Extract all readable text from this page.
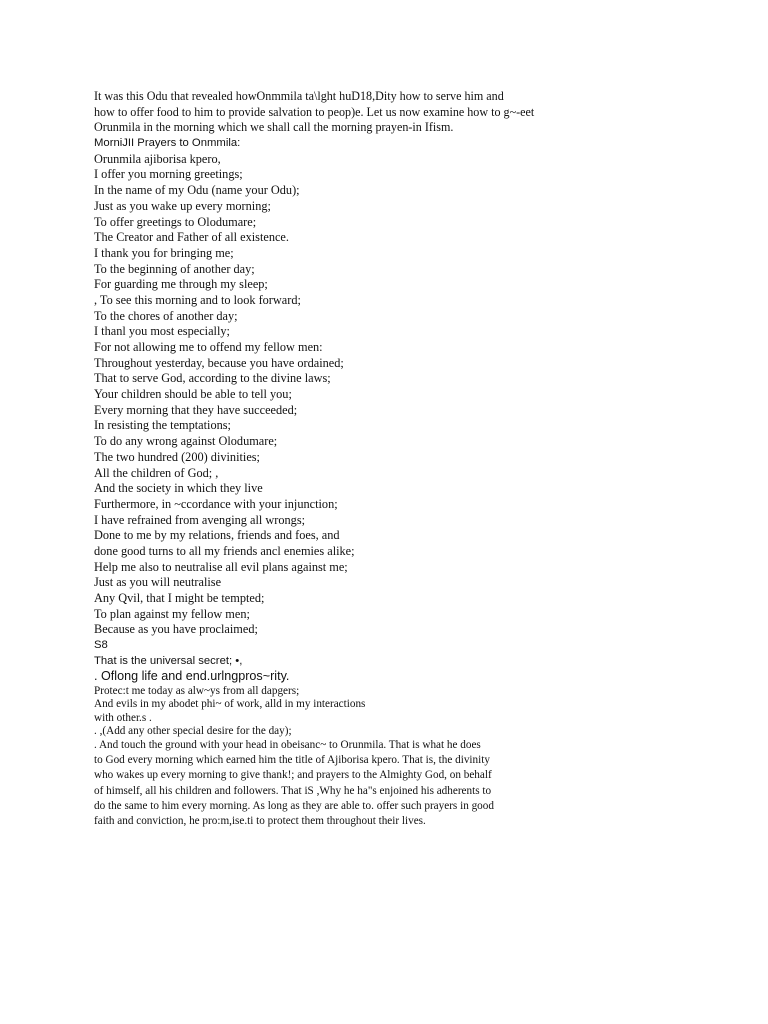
It was this Odu that revealed howOnmmila ta\lght huD18,Dity how to serve him and
how to offer food to him to provide salvation to peop)e. Let us now examine how to g~-eet
Orunmila in the morning which we shall call the morning prayen-in Ifism.
MorniJII Prayers to Onmmila:
Orunmila ajiborisa kpero,
I offer you morning greetings;
In the name of my Odu (name your Odu);
Just as you wake up every morning;
To offer greetings to Olodumare;
The Creator and Father of all existence.
I thank you for bringing me;
To the beginning of another day;
For guarding me through my sleep;
, To see this morning and to look forward;
To the chores of another day;
I thanl you most especially;
For not allowing me to offend my fellow men:
Throughout yesterday, because you have ordained;
That to serve God, according to the divine laws;
Your children should be able to tell you;
Every morning that they have succeeded;
In resisting the temptations;
To do any wrong against Olodumare;
The two hundred (200) divinities;
All the children of God; ,
And the society in which they live
Furthermore, in ~ccordance with your injunction;
I have refrained from avenging all wrongs;
Done to me by my relations, friends and foes, and
done good turns to all my friends ancl enemies alike;
Help me also to neutralise all evil plans against me;
Just as you will neutralise
Any Qvil, that I might be tempted;
To plan against my fellow men;
Because as you have proclaimed;
S8
That is the universal secret; •,
. Oflong life and end.urlngpros~rity.
Protec:t me today as alw~ys from all dapgers;
And evils in my abodet phi~ of work, alld in my interactions
with other.s .
. ,(Add any other special desire for the day);
. And touch the ground with your head in obeisanc~ to Orunmila. That is what he does
to God every morning which earned him the title of Ajiborisa kpero. That is, the divinity
who wakes up every morning to give thank!; and prayers to the Almighty God, on behalf
of himself, all his children and followers. That iS ,Why he ha"s enjoined his adherents to
do the same to him every morning. As long as they are able to. offer such prayers in good
faith and conviction, he pro:m,ise.ti to protect them throughout their lives.
